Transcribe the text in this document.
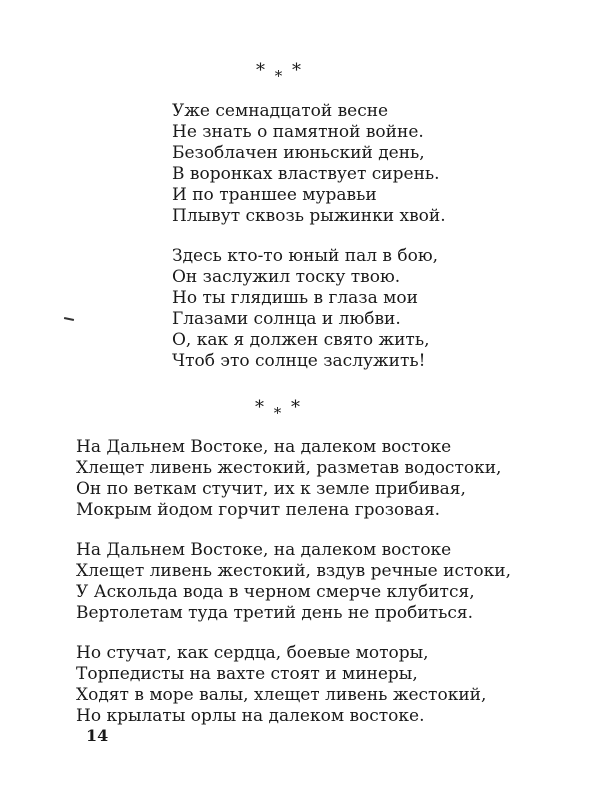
* $_*$ *
Уже семнадцатой весне
Не знать о памятной войне.
Безоблачен июньский день,
В воронках властвует сирень.
И по траншее муравьи
Плывут сквозь рыжинки хвой.
Здесь кто-то юный пал в бою,
Он заслужил тоску твою.
Но ты глядишь в глаза мои
Глазами солнца и любви.
О, как я должен свято жить,
Чтоб это солнце заслужить!
* $_*$ *
На Дальнем Востоке, на далеком востоке
Хлещет ливень жестокий, разметав водостоки,
Он по веткам стучит, их к земле прибивая,
Мокрым йодом горчит пелена грозовая.
На Дальнем Востоке, на далеком востоке
Хлещет ливень жестокий, вздув речные истоки,
У Аскольда вода в черном смерче клубится,
Вертолетам туда третий день не пробиться.
Но стучат, как сердца, боевые моторы,
Торпедисты на вахте стоят и минеры,
Ходят в море валы, хлещет ливень жестокий,
Но крылаты орлы на далеком востоке.
14
